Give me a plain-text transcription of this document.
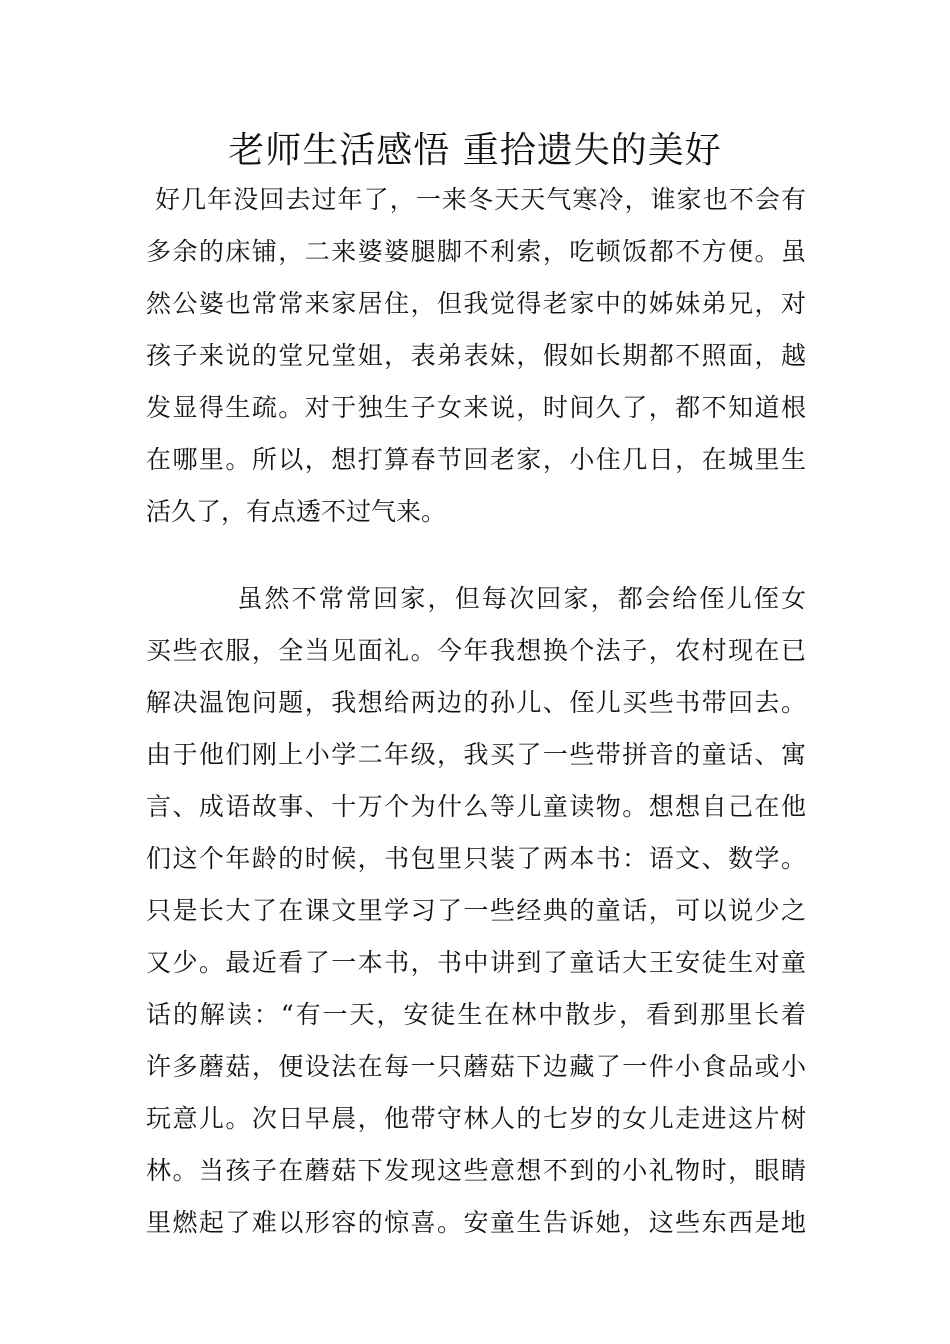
老师生活感悟 重拾遗失的美好
好几年没回去过年了，一来冬天天气寒冷，谁家也不会有
多余的床铺，二来婆婆腿脚不利索，吃顿饭都不方便。虽
然公婆也常常来家居住，但我觉得老家中的姊妹弟兄，对
孩子来说的堂兄堂姐，表弟表妹，假如长期都不照面，越
发显得生疏。对于独生子女来说，时间久了，都不知道根
在哪里。所以，想打算春节回老家，小住几日，在城里生
活久了，有点透不过气来。
虽然不常常回家，但每次回家，都会给侄儿侄女
买些衣服，全当见面礼。今年我想换个法子，农村现在已
解决温饱问题，我想给两边的孙儿、侄儿买些书带回去。
由于他们刚上小学二年级，我买了一些带拼音的童话、寓
言、成语故事、十万个为什么等儿童读物。想想自己在他
们这个年龄的时候，书包里只装了两本书：语文、数学。
只是长大了在课文里学习了一些经典的童话，可以说少之
又少。最近看了一本书，书中讲到了童话大王安徒生对童
话的解读：“有一天，安徒生在林中散步，看到那里长着
许多蘑菇，便设法在每一只蘑菇下边藏了一件小食品或小
玩意儿。次日早晨，他带守林人的七岁的女儿走进这片树
林。当孩子在蘑菇下发现这些意想不到的小礼物时，眼睛
里燃起了难以形容的惊喜。安童生告诉她，这些东西是地
